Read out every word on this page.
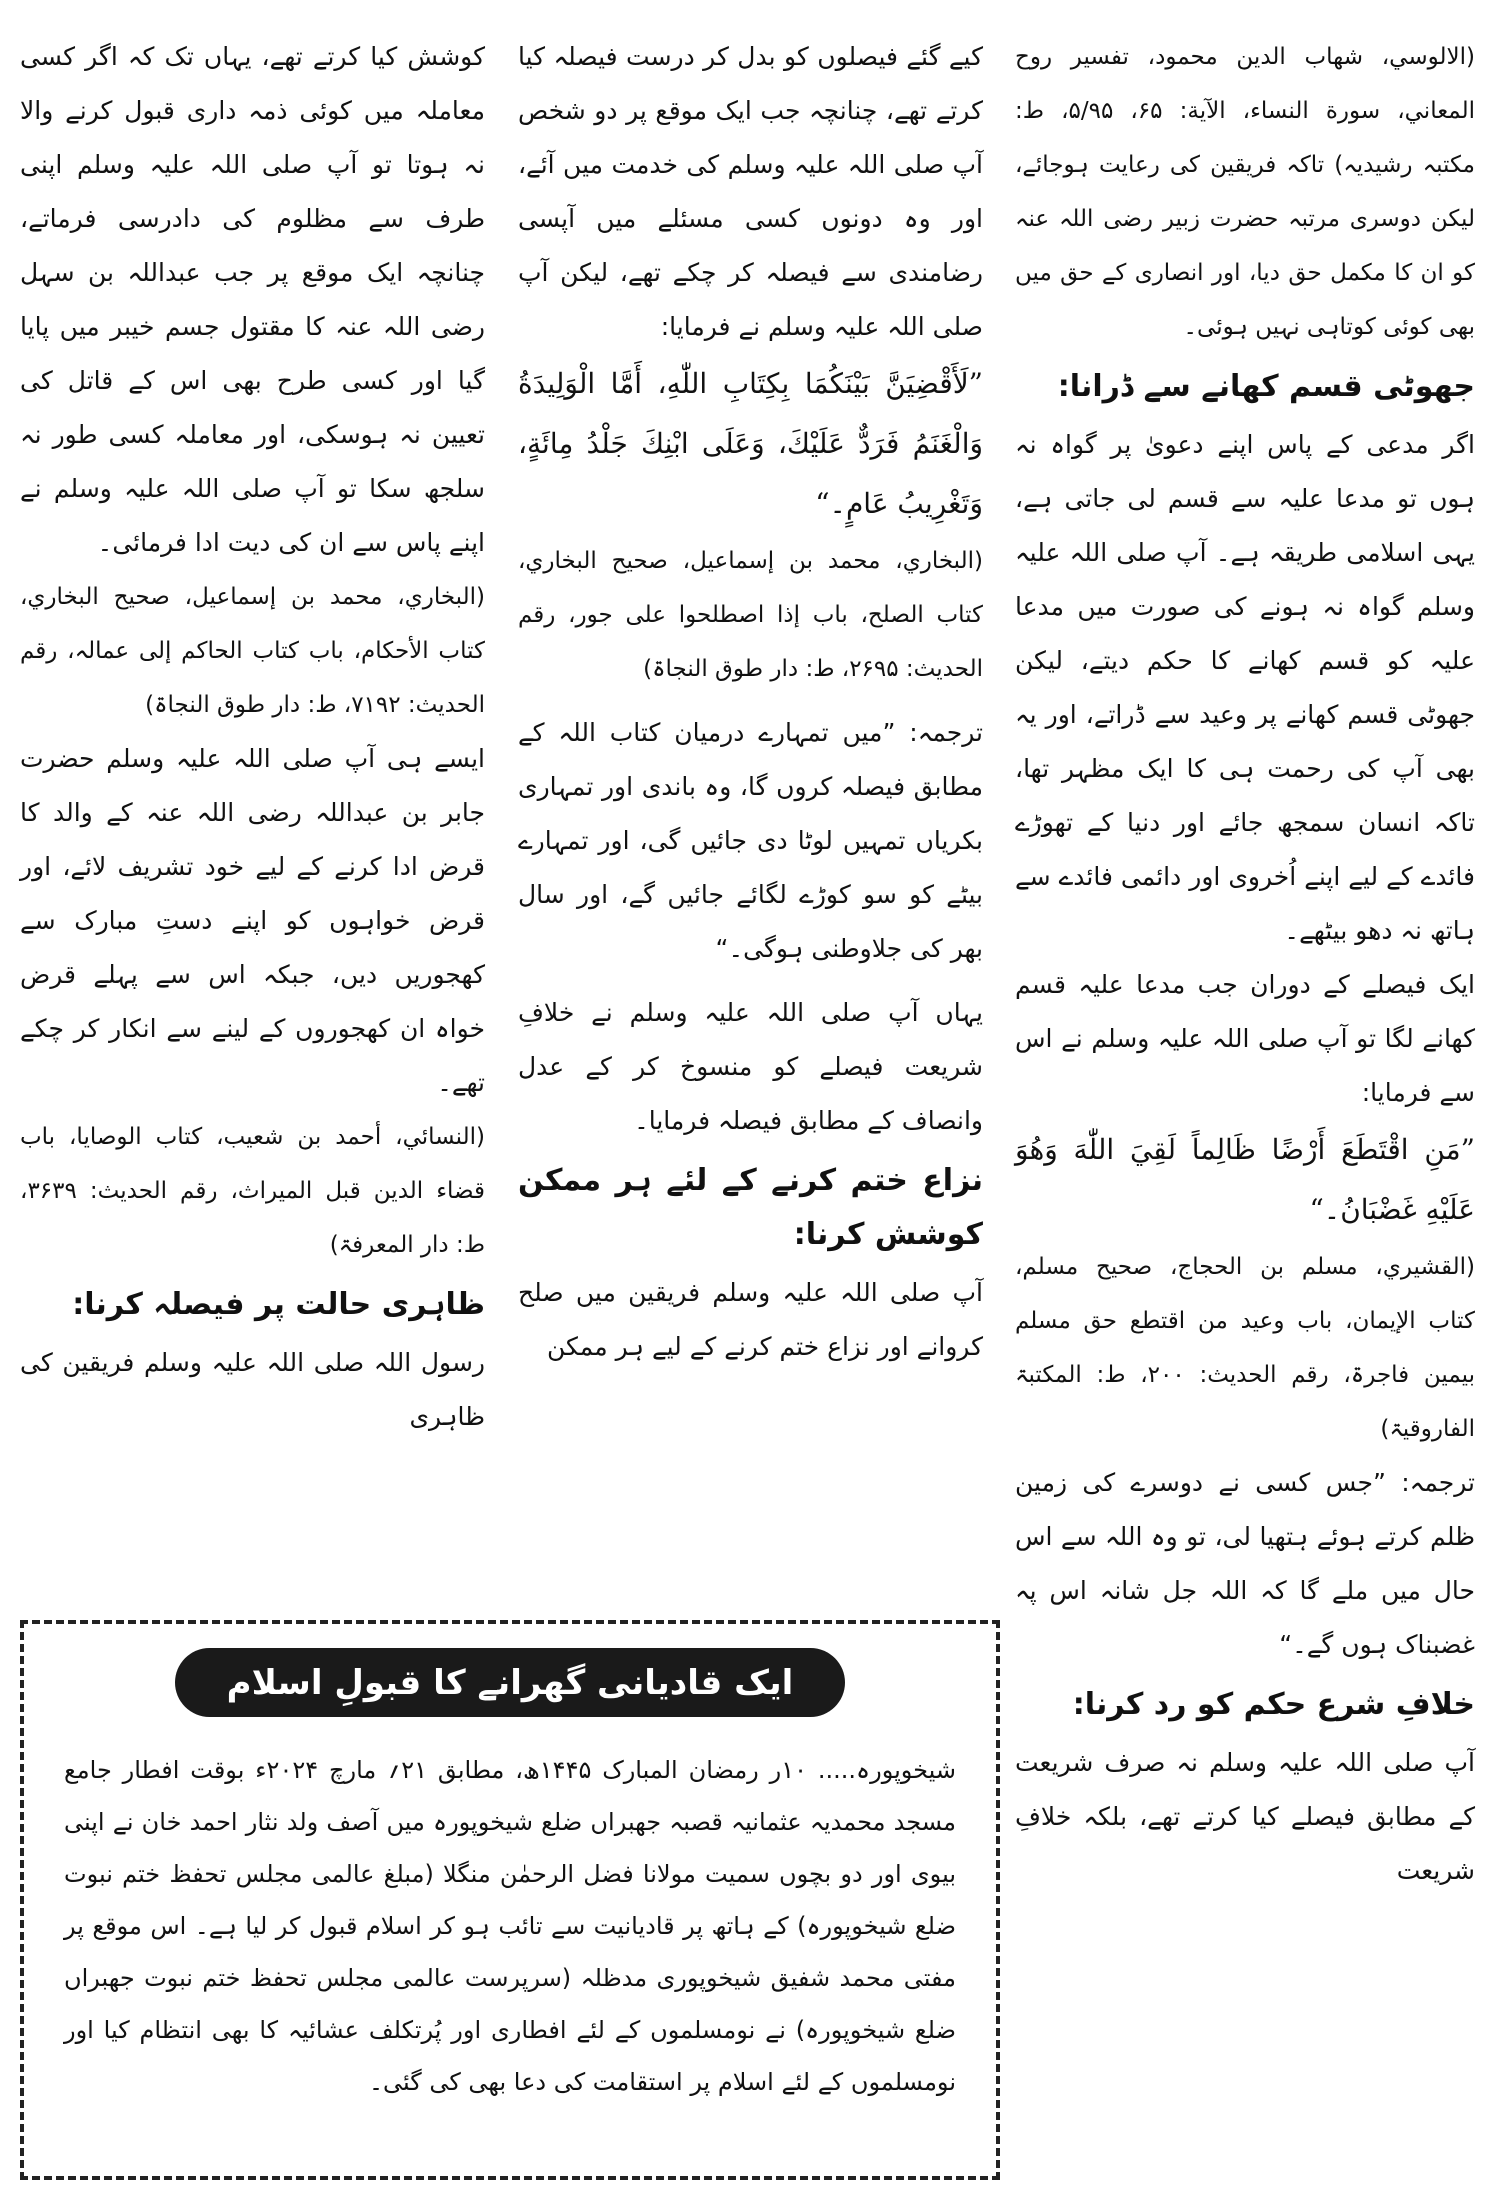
(الالوسي، شهاب الدين محمود، تفسير روح المعاني، سورة النساء، الآية: ۶۵، ۵/۹۵، ط: مکتبہ رشیدیہ) تاکہ فریقین کی رعایت ہوجائے، لیکن دوسری مرتبہ حضرت زبیر رضی اللہ عنہ کو ان کا مکمل حق دیا، اور انصاری کے حق میں بھی کوئی کوتاہی نہیں ہوئی۔

جھوٹی قسم کھانے سے ڈرانا:

اگر مدعی کے پاس اپنے دعویٰ پر گواہ نہ ہوں تو مدعا علیہ سے قسم لی جاتی ہے، یہی اسلامی طریقہ ہے۔ آپ صلی اللہ علیہ وسلم گواہ نہ ہونے کی صورت میں مدعا علیہ کو قسم کھانے کا حکم دیتے، لیکن جھوٹی قسم کھانے پر وعید سے ڈراتے، اور یہ بھی آپ کی رحمت ہی کا ایک مظہر تھا، تاکہ انسان سمجھ جائے اور دنیا کے تھوڑے فائدے کے لیے اپنے اُخروی اور دائمی فائدے سے ہاتھ نہ دھو بیٹھے۔

ایک فیصلے کے دوران جب مدعا علیہ قسم کھانے لگا تو آپ صلی اللہ علیہ وسلم نے اس سے فرمایا:

”مَنِ اقْتَطَعَ أَرْضًا ظَالِماً لَقِيَ اللّٰهَ وَهُوَ عَلَيْهِ غَضْبَانُ۔“

(القشيري، مسلم بن الحجاج، صحیح مسلم، کتاب الإیمان، باب وعید من اقتطع حق مسلم بیمین فاجرۃ، رقم الحدیث: ۲۰۰، ط: المکتبۃ الفاروقیۃ)

ترجمہ: ”جس کسی نے دوسرے کی زمین ظلم کرتے ہوئے ہتھیا لی، تو وہ اللہ سے اس حال میں ملے گا کہ اللہ جل شانہ اس پہ غضبناک ہوں گے۔“

خلافِ شرع حکم کو رد کرنا:

آپ صلی اللہ علیہ وسلم نہ صرف شریعت کے مطابق فیصلے کیا کرتے تھے، بلکہ خلافِ شریعت

کیے گئے فیصلوں کو بدل کر درست فیصلہ کیا کرتے تھے، چنانچہ جب ایک موقع پر دو شخص آپ صلی اللہ علیہ وسلم کی خدمت میں آئے، اور وہ دونوں کسی مسئلے میں آپسی رضامندی سے فیصلہ کر چکے تھے، لیکن آپ صلی اللہ علیہ وسلم نے فرمایا:

”لَأَقْضِيَنَّ بَيْنَكُمَا بِكِتَابِ اللّٰهِ، أَمَّا الْوَلِيدَةُ وَالْغَنَمُ فَرَدٌّ عَلَيْكَ، وَعَلَى ابْنِكَ جَلْدُ مِائَةٍ، وَتَغْرِيبُ عَامٍ۔“

(البخاري، محمد بن إسماعيل، صحیح البخاري، کتاب الصلح، باب إذا اصطلحوا علی جور، رقم الحدیث: ۲۶۹۵، ط: دار طوق النجاۃ)

ترجمہ: ”میں تمہارے درمیان کتاب اللہ کے مطابق فیصلہ کروں گا، وہ باندی اور تمہاری بکریاں تمہیں لوٹا دی جائیں گی، اور تمہارے بیٹے کو سو کوڑے لگائے جائیں گے، اور سال بھر کی جلاوطنی ہوگی۔“

یہاں آپ صلی اللہ علیہ وسلم نے خلافِ شریعت فیصلے کو منسوخ کر کے عدل وانصاف کے مطابق فیصلہ فرمایا۔

نزاع ختم کرنے کے لئے ہر ممکن کوشش کرنا:

آپ صلی اللہ علیہ وسلم فریقین میں صلح کروانے اور نزاع ختم کرنے کے لیے ہر ممکن

کوشش کیا کرتے تھے، یہاں تک کہ اگر کسی معاملہ میں کوئی ذمہ داری قبول کرنے والا نہ ہوتا تو آپ صلی اللہ علیہ وسلم اپنی طرف سے مظلوم کی دادرسی فرماتے، چنانچہ ایک موقع پر جب عبداللہ بن سہل رضی اللہ عنہ کا مقتول جسم خیبر میں پایا گیا اور کسی طرح بھی اس کے قاتل کی تعیین نہ ہوسکی، اور معاملہ کسی طور نہ سلجھ سکا تو آپ صلی اللہ علیہ وسلم نے اپنے پاس سے ان کی دیت ادا فرمائی۔

(البخاري، محمد بن إسماعيل، صحیح البخاري، کتاب الأحکام، باب کتاب الحاکم إلی عمالہ، رقم الحدیث: ۷۱۹۲، ط: دار طوق النجاۃ)

ایسے ہی آپ صلی اللہ علیہ وسلم حضرت جابر بن عبداللہ رضی اللہ عنہ کے والد کا قرض ادا کرنے کے لیے خود تشریف لائے، اور قرض خواہوں کو اپنے دستِ مبارک سے کھجوریں دیں، جبکہ اس سے پہلے قرض خواہ ان کھجوروں کے لینے سے انکار کر چکے تھے۔

(النسائي، أحمد بن شعیب، کتاب الوصایا، باب قضاء الدین قبل المیراث، رقم الحدیث: ۳۶۳۹، ط: دار المعرفۃ)

ظاہری حالت پر فیصلہ کرنا:

رسول اللہ صلی اللہ علیہ وسلم فریقین کی ظاہری

ایک قادیانی گھرانے کا قبولِ اسلام
شیخوپورہ..... ۱۰ر رمضان المبارک ۱۴۴۵ھ، مطابق ۲۱؍ مارچ ۲۰۲۴ء بوقت افطار جامع مسجد محمدیہ عثمانیہ قصبہ جھبراں ضلع شیخوپورہ میں آصف ولد نثار احمد خان نے اپنی بیوی اور دو بچوں سمیت مولانا فضل الرحمٰن منگلا (مبلغ عالمی مجلس تحفظ ختم نبوت ضلع شیخوپورہ) کے ہاتھ پر قادیانیت سے تائب ہو کر اسلام قبول کر لیا ہے۔ اس موقع پر مفتی محمد شفیق شیخوپوری مدظلہ (سرپرست عالمی مجلس تحفظ ختم نبوت جھبراں ضلع شیخوپورہ) نے نومسلموں کے لئے افطاری اور پُرتکلف عشائیہ کا بھی انتظام کیا اور نومسلموں کے لئے اسلام پر استقامت کی دعا بھی کی گئی۔
